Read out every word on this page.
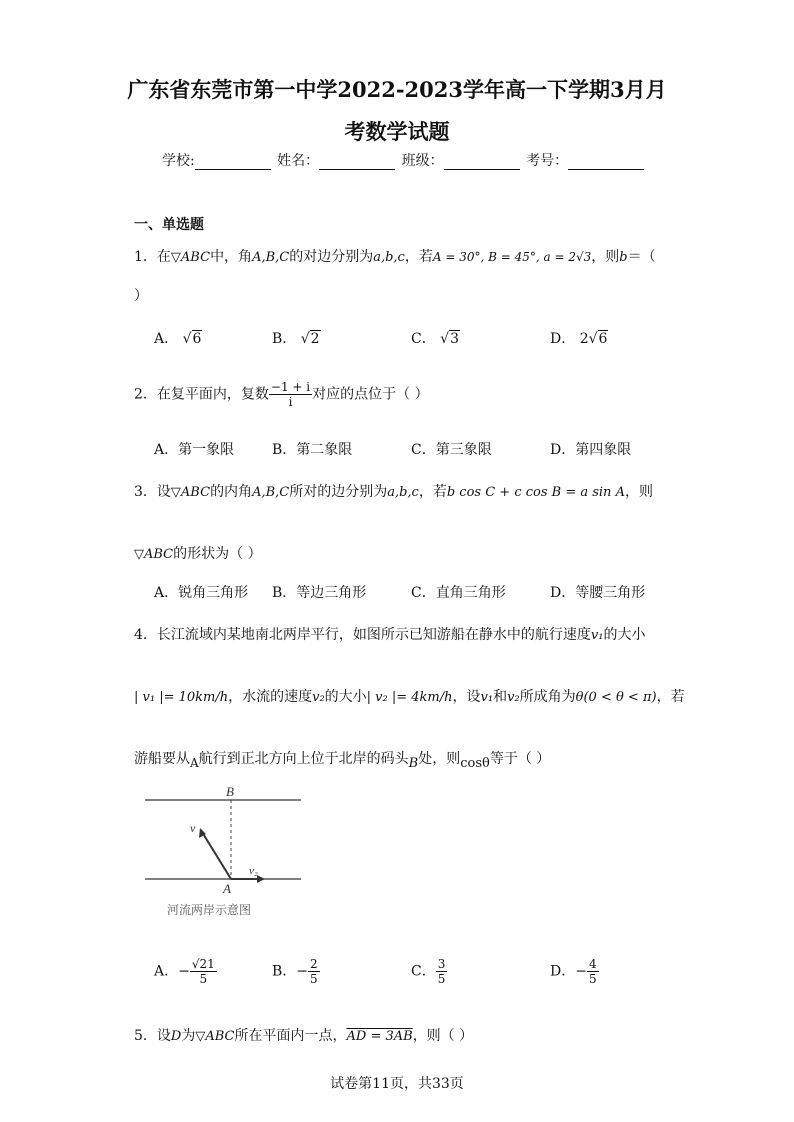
广东省东莞市第一中学2022-2023学年高一下学期3月月
考数学试题
学校:	姓名：	班级：	考号：
一、单选题
1．在▽ABC中，角A,B,C的对边分别为a,b,c，若A = 30°, B = 45°, a = 2√3，则b＝（
）
A． √6	B． √2	C． √3	D． 2√6
2．在复平面内，复数 $\frac{-1 + i}{i}$ 对应的点位于（ ）
A．第一象限	B．第二象限	C．第三象限	D．第四象限
3．设▽ABC的内角A,B,C所对的边分别为a,b,c，若b cos C + c cos B = a sin A，则
▽ABC的形状为（ ）
A．锐角三角形 B．等边三角形	C．直角三角形	D．等腰三角形
4．长江流域内某地南北两岸平行，如图所示已知游船在静水中的航行速度v₁的大小
| v₁ |= 10km/h，水流的速度v₂的大小| v₂ |= 4km/h，设v₁和v₂所成角为θ(0 < θ < π)，若
游船要从A航行到正北方向上位于北岸的码头B处，则cosθ等于（ ）
B
A
v
v₂
河流两岸示意图
A．− $\frac{√21}{5}$	B．− $\frac{2}{5}$	C． $\frac{3}{5}$	D．− $\frac{4}{5}$
5．设D为▽ABC所在平面内一点，AD = 3AB，则（ ）
试卷第11页，共33页
